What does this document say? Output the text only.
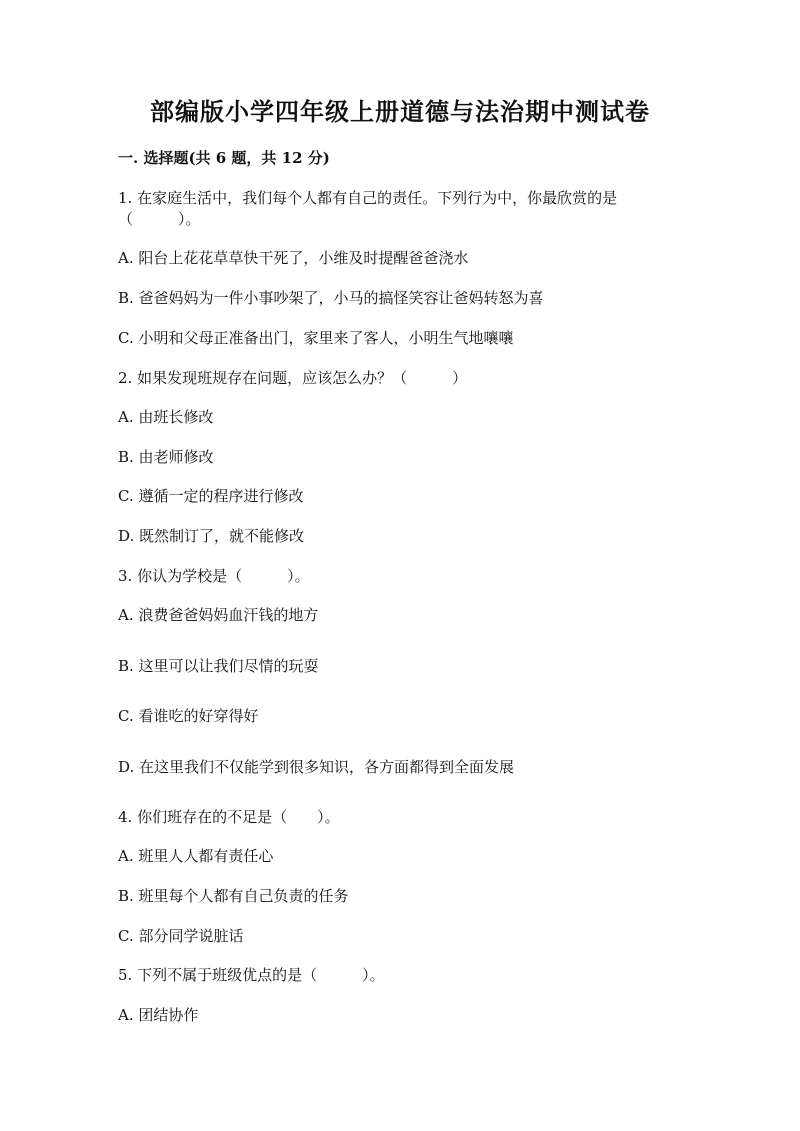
部编版小学四年级上册道德与法治期中测试卷
一. 选择题(共 6 题，共 12 分)
1. 在家庭生活中，我们每个人都有自己的责任。下列行为中，你最欣赏的是
（　　　）。
A. 阳台上花花草草快干死了，小维及时提醒爸爸浇水
B. 爸爸妈妈为一件小事吵架了，小马的搞怪笑容让爸妈转怒为喜
C. 小明和父母正准备出门，家里来了客人，小明生气地嚷嚷
2. 如果发现班规存在问题，应该怎么办？（　　　）
A. 由班长修改
B. 由老师修改
C. 遵循一定的程序进行修改
D. 既然制订了，就不能修改
3. 你认为学校是（　　　）。
A. 浪费爸爸妈妈血汗钱的地方
B. 这里可以让我们尽情的玩耍
C. 看谁吃的好穿得好
D. 在这里我们不仅能学到很多知识，各方面都得到全面发展
4. 你们班存在的不足是（　　）。
A. 班里人人都有责任心
B. 班里每个人都有自己负责的任务
C. 部分同学说脏话
5. 下列不属于班级优点的是（　　　）。
A. 团结协作
